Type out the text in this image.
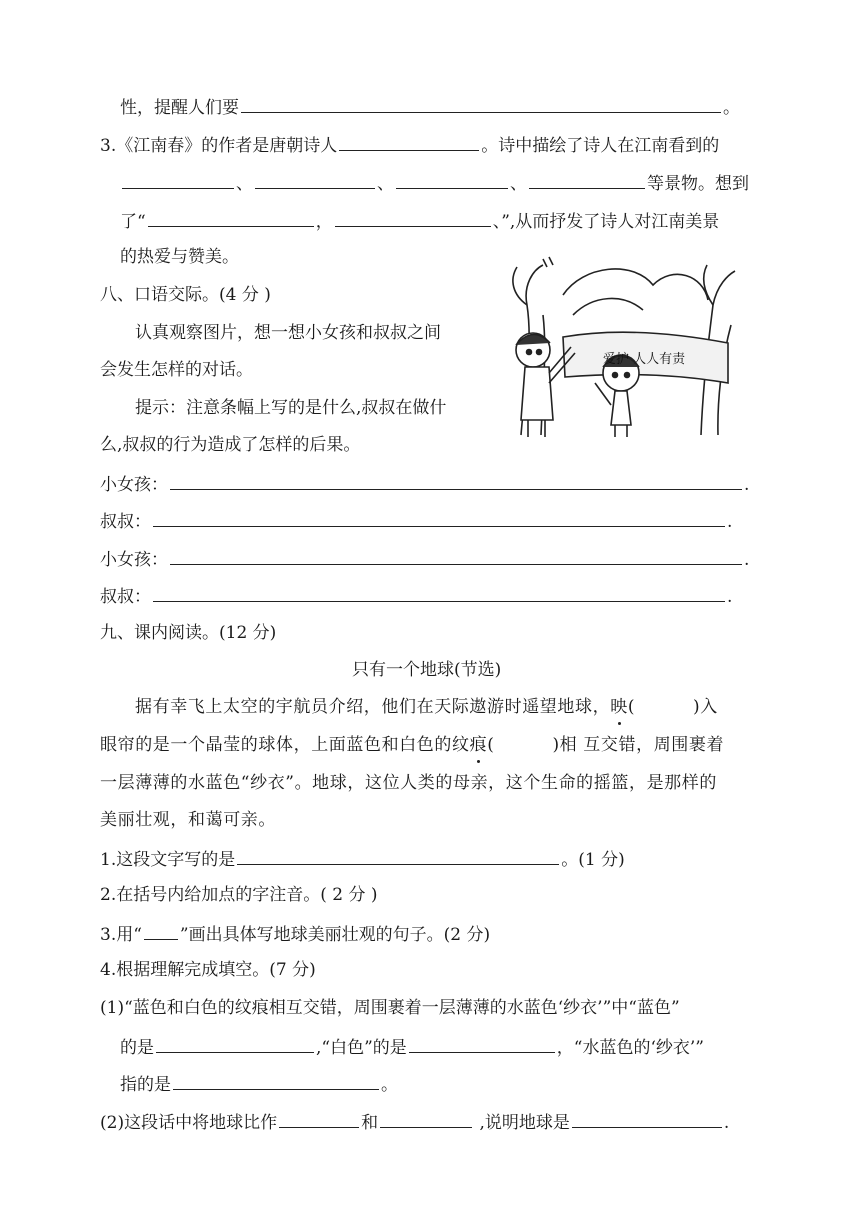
性，提醒人们要	。
3.《江南春》的作者是唐朝诗人	。诗中描绘了诗人在江南看到的
、	、	、	等景物。想到
了“	，	、”,从而抒发了诗人对江南美景
的热爱与赞美。
八、口语交际。(4 分 )
认真观察图片，想一想小女孩和叔叔之间
会发生怎样的对话。
提示：注意条幅上写的是什么,叔叔在做什
么,叔叔的行为造成了怎样的后果。
爱护 人人有责
小女孩：	.
叔叔：	.
小女孩：	.
叔叔：	.
九、课内阅读。(12 分)
只有一个地球(节选)
据有幸飞上太空的宇航员介绍，他们在天际遨游时遥望地球，映(	)入
眼帘的是一个晶莹的球体，上面蓝色和白色的纹痕(	)相 互交错，周围裹着
一层薄薄的水蓝色“纱衣”。地球，这位人类的母亲，这个生命的摇篮，是那样的
美丽壮观，和蔼可亲。
1.这段文字写的是	。(1 分)
2.在括号内给加点的字注音。( 2 分 )
3.用“ ”画出具体写地球美丽壮观的句子。(2 分)
4.根据理解完成填空。(7 分)
(1)“蓝色和白色的纹痕相互交错，周围裹着一层薄薄的水蓝色‘纱衣’”中“蓝色”
的是	,“白色”的是	，“水蓝色的‘纱衣’”
指的是	。
(2)这段话中将地球比作	和	,说明地球是	.
